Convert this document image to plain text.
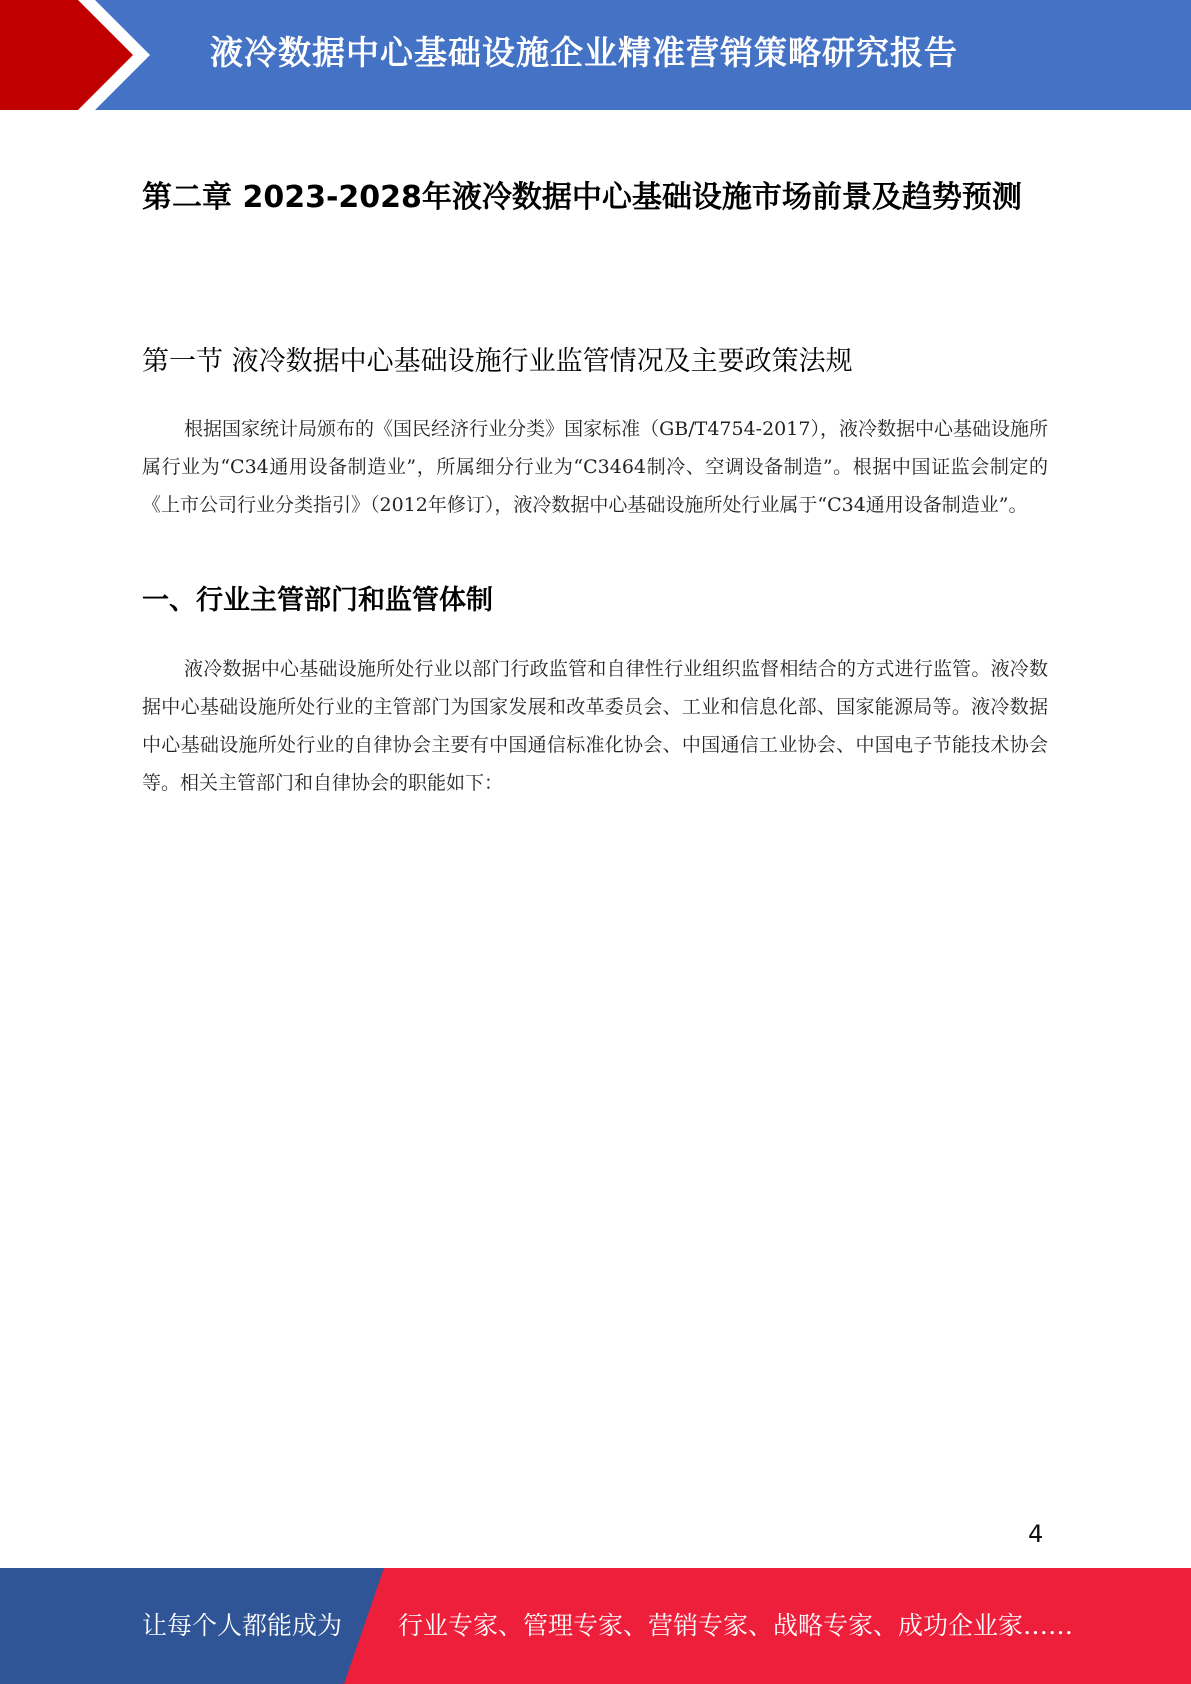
液冷数据中心基础设施企业精准营销策略研究报告
第二章 2023-2028年液冷数据中心基础设施市场前景及趋势预测
第一节 液冷数据中心基础设施行业监管情况及主要政策法规

根据国家统计局颁布的《国民经济行业分类》国家标准（GB/T4754-2017），液冷数据中心基础设施所属行业为“C34通用设备制造业”，所属细分行业为“C3464制冷、空调设备制造”。根据中国证监会制定的《上市公司行业分类指引》（2012年修订），液冷数据中心基础设施所处行业属于“C34通用设备制造业”。

一、行业主管部门和监管体制

液冷数据中心基础设施所处行业以部门行政监管和自律性行业组织监督相结合的方式进行监管。液冷数据中心基础设施所处行业的主管部门为国家发展和改革委员会、工业和信息化部、国家能源局等。液冷数据中心基础设施所处行业的自律协会主要有中国通信标准化协会、中国通信工业协会、中国电子节能技术协会等。相关主管部门和自律协会的职能如下：

4
让每个人都能成为 行业专家、管理专家、营销专家、战略专家、成功企业家……
